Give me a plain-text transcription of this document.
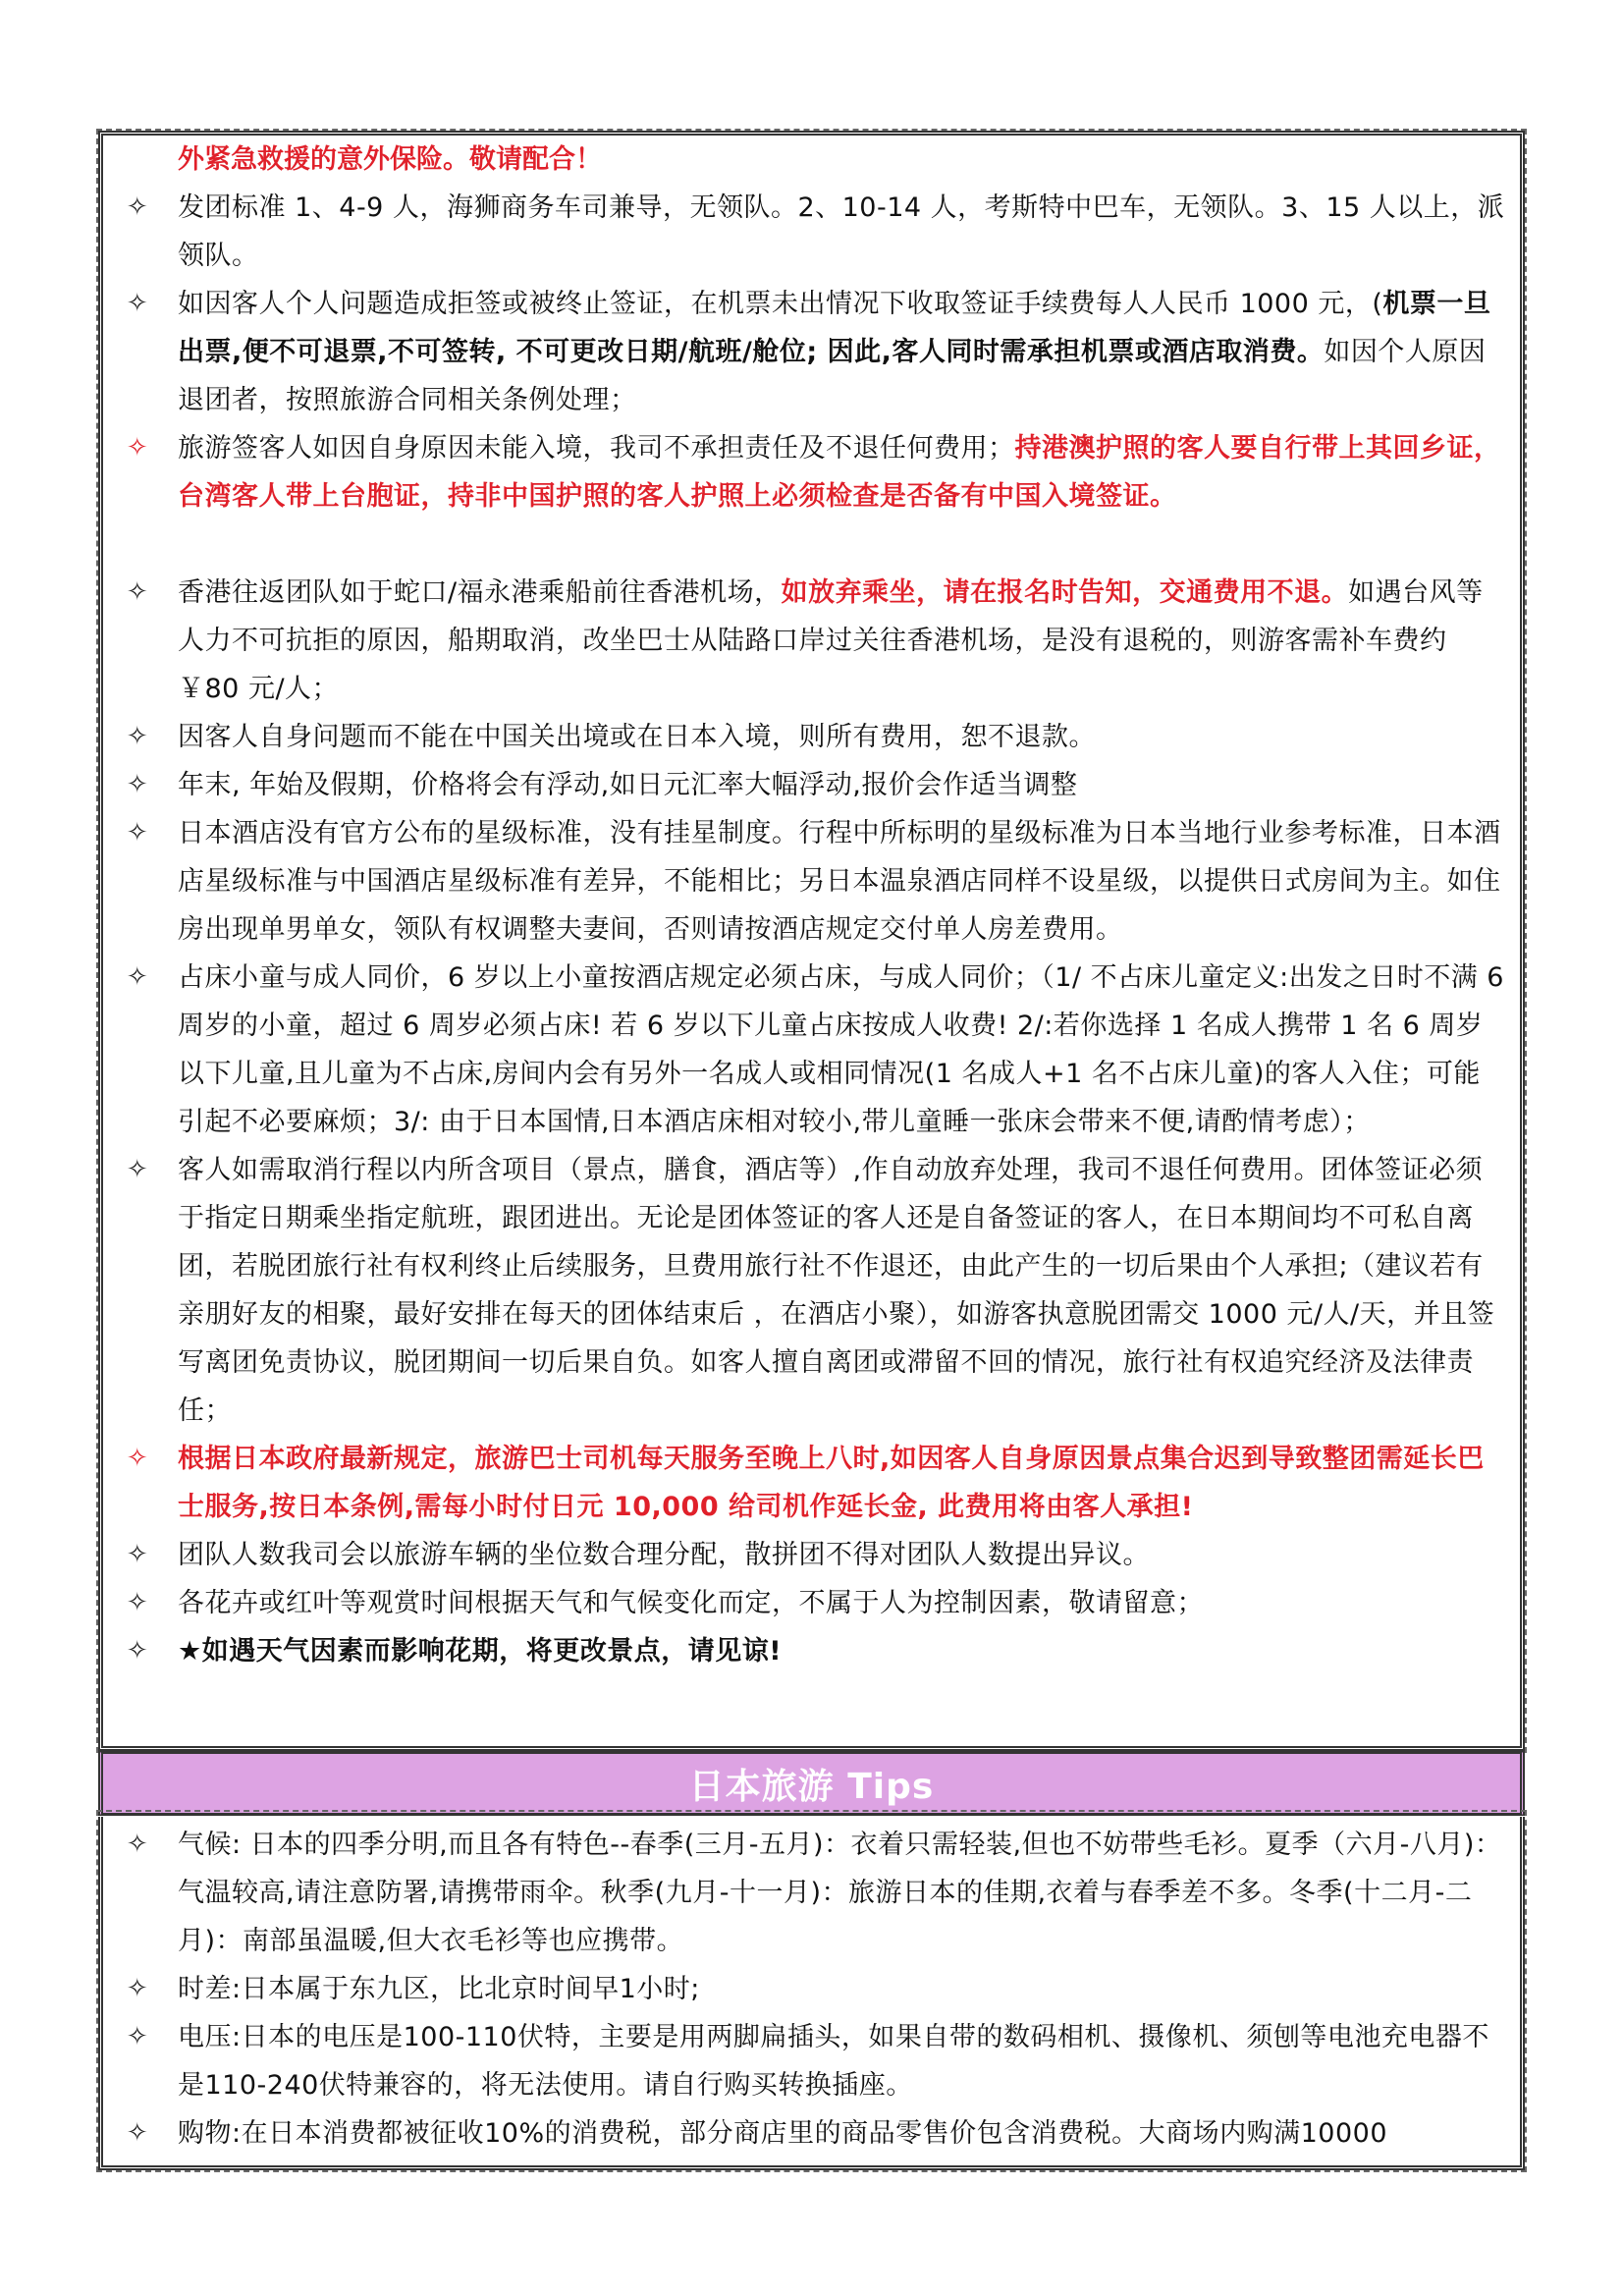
外紧急救援的意外保险。敬请配合！
✧ 发团标准 1、4-9 人，海狮商务车司兼导，无领队。2、10-14 人，考斯特中巴车，无领队。3、15 人以上，派领队。
✧ 如因客人个人问题造成拒签或被终止签证，在机票未出情况下收取签证手续费每人人民币 1000 元，(机票一旦出票,便不可退票,不可签转, 不可更改日期/航班/舱位; 因此,客人同时需承担机票或酒店取消费。如因个人原因退团者，按照旅游合同相关条例处理；
✧ 旅游签客人如因自身原因未能入境，我司不承担责任及不退任何费用；持港澳护照的客人要自行带上其回乡证，台湾客人带上台胞证，持非中国护照的客人护照上必须检查是否备有中国入境签证。
✧ 香港往返团队如于蛇口/福永港乘船前往香港机场，如放弃乘坐，请在报名时告知，交通费用不退。如遇台风等人力不可抗拒的原因，船期取消，改坐巴士从陆路口岸过关往香港机场，是没有退税的，则游客需补车费约￥80 元/人；
✧ 因客人自身问题而不能在中国关出境或在日本入境，则所有费用，恕不退款。
✧ 年末, 年始及假期，价格将会有浮动,如日元汇率大幅浮动,报价会作适当调整
✧ 日本酒店没有官方公布的星级标准，没有挂星制度。行程中所标明的星级标准为日本当地行业参考标准，日本酒店星级标准与中国酒店星级标准有差异，不能相比；另日本温泉酒店同样不设星级，以提供日式房间为主。如住房出现单男单女，领队有权调整夫妻间，否则请按酒店规定交付单人房差费用。
✧ 占床小童与成人同价，6 岁以上小童按酒店规定必须占床，与成人同价；（1/ 不占床儿童定义:出发之日时不满 6 周岁的小童，超过 6 周岁必须占床! 若 6 岁以下儿童占床按成人收费! 2/:若你选择 1 名成人携带 1 名 6 周岁以下儿童,且儿童为不占床,房间内会有另外一名成人或相同情况(1 名成人+1 名不占床儿童)的客人入住；可能引起不必要麻烦；3/: 由于日本国情,日本酒店床相对较小,带儿童睡一张床会带来不便,请酌情考虑）；
✧ 客人如需取消行程以内所含项目（景点，膳食，酒店等）,作自动放弃处理，我司不退任何费用。团体签证必须于指定日期乘坐指定航班，跟团进出。无论是团体签证的客人还是自备签证的客人，在日本期间均不可私自离团，若脱团旅行社有权利终止后续服务，旦费用旅行社不作退还，由此产生的一切后果由个人承担;（建议若有亲朋好友的相聚，最好安排在每天的团体结束后 ，在酒店小聚），如游客执意脱团需交 1000 元/人/天，并且签写离团免责协议，脱团期间一切后果自负。如客人擅自离团或滞留不回的情况，旅行社有权追究经济及法律责任；
✧ 根据日本政府最新规定，旅游巴士司机每天服务至晚上八时,如因客人自身原因景点集合迟到导致整团需延长巴士服务,按日本条例,需每小时付日元 10,000 给司机作延长金, 此费用将由客人承担!
✧ 团队人数我司会以旅游车辆的坐位数合理分配，散拼团不得对团队人数提出异议。
✧ 各花卉或红叶等观赏时间根据天气和气候变化而定，不属于人为控制因素，敬请留意；
✧ ★如遇天气因素而影响花期，将更改景点，请见谅!
日本旅游 Tips
✧ 气候: 日本的四季分明,而且各有特色--春季(三月-五月)：衣着只需轻装,但也不妨带些毛衫。夏季（六月-八月)：气温较高,请注意防署,请携带雨伞。秋季(九月-十一月)：旅游日本的佳期,衣着与春季差不多。冬季(十二月-二月)：南部虽温暖,但大衣毛衫等也应携带。
✧ 时差:日本属于东九区，比北京时间早1小时;
✧ 电压:日本的电压是100-110伏特，主要是用两脚扁插头，如果自带的数码相机、摄像机、须刨等电池充电器不是110-240伏特兼容的，将无法使用。请自行购买转换插座。
✧ 购物:在日本消费都被征收10%的消费税，部分商店里的商品零售价包含消费税。大商场内购满10000
